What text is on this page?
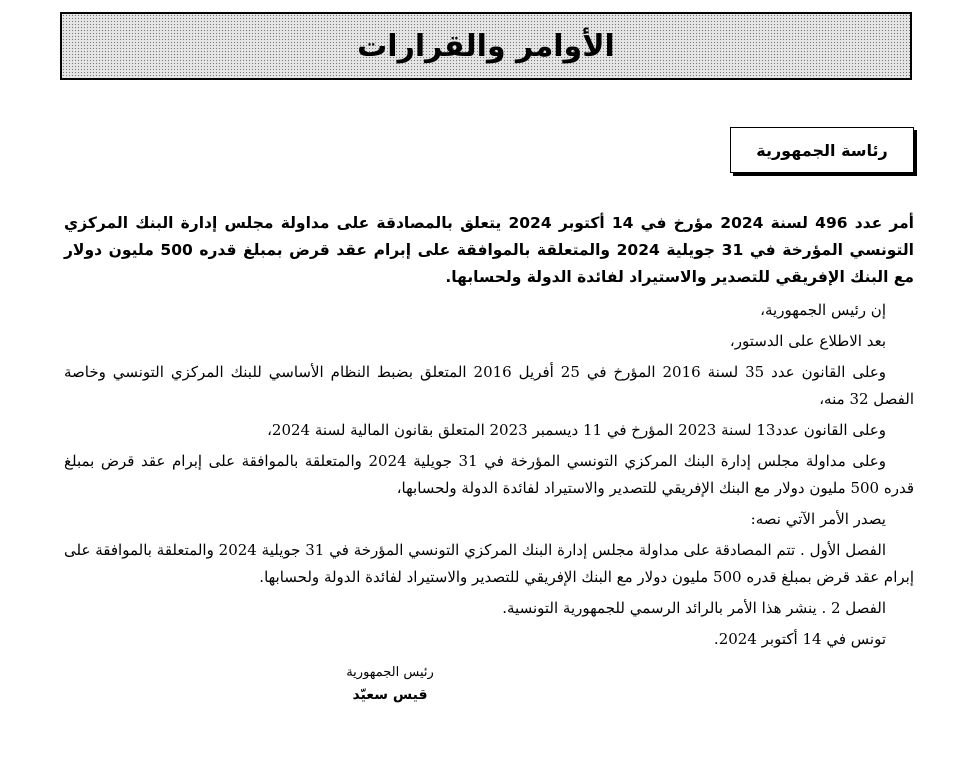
الأوامر والقرارات
رئاسة الجمهورية

أمر عدد 496 لسنة 2024 مؤرخ في 14 أكتوبر 2024 يتعلق بالمصادقة على مداولة مجلس إدارة البنك المركزي التونسي المؤرخة في 31 جويلية 2024 والمتعلقة بالموافقة على إبرام عقد قرض بمبلغ قدره 500 مليون دولار مع البنك الإفريقي للتصدير والاستيراد لفائدة الدولة ولحسابها.

إن رئيس الجمهورية،

بعد الاطلاع على الدستور،

وعلى القانون عدد 35 لسنة 2016 المؤرخ في 25 أفريل 2016 المتعلق بضبط النظام الأساسي للبنك المركزي التونسي وخاصة الفصل 32 منه،

وعلى القانون عدد13 لسنة 2023 المؤرخ في 11 ديسمبر 2023 المتعلق بقانون المالية لسنة 2024،

وعلى مداولة مجلس إدارة البنك المركزي التونسي المؤرخة في 31 جويلية 2024 والمتعلقة بالموافقة على إبرام عقد قرض بمبلغ قدره 500 مليون دولار مع البنك الإفريقي للتصدير والاستيراد لفائدة الدولة ولحسابها،

يصدر الأمر الآتي نصه:

الفصل الأول . تتم المصادقة على مداولة مجلس إدارة البنك المركزي التونسي المؤرخة في 31 جويلية 2024 والمتعلقة بالموافقة على إبرام عقد قرض بمبلغ قدره 500 مليون دولار مع البنك الإفريقي للتصدير والاستيراد لفائدة الدولة ولحسابها.

الفصل 2 . ينشر هذا الأمر بالرائد الرسمي للجمهورية التونسية.

تونس في 14 أكتوبر 2024.

رئيس الجمهورية
قيس سعيّد
